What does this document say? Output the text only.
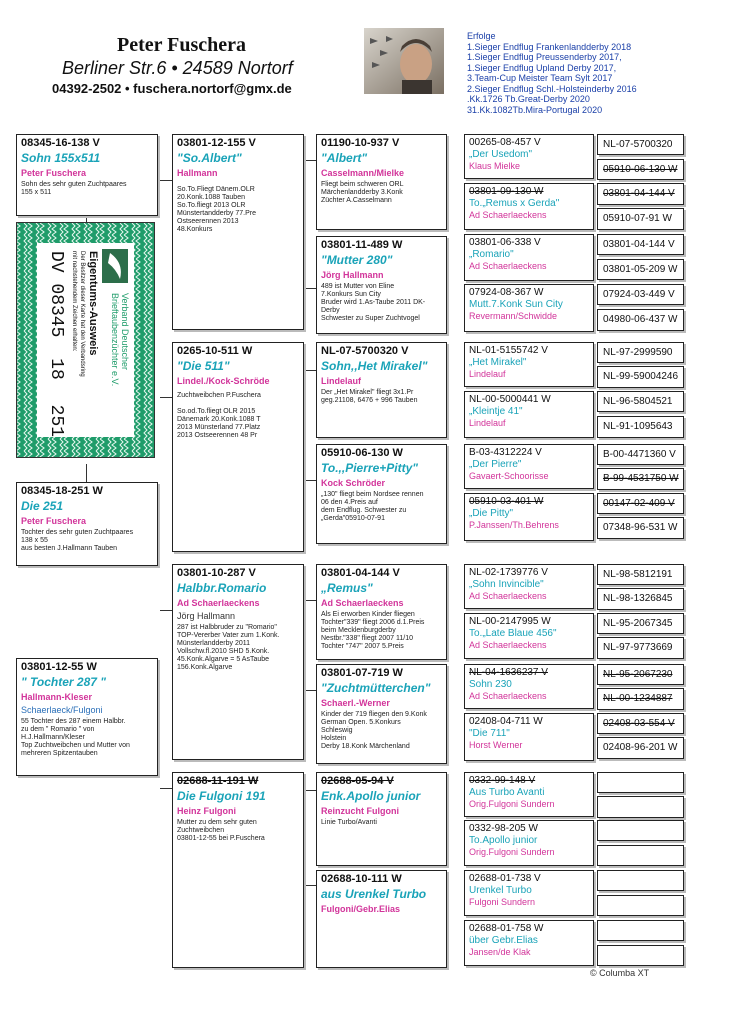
Peter Fuschera
Berliner Str.6 • 24589 Nortorf
04392-2502 • fuschera.nortorf@gmx.de
Erfolge
1.Sieger Endflug Frankenlandderby 2018
1.Sieger Endflug Preussenderby 2017,
1.Sieger Endflug Upland Derby 2017,
3.Team-Cup Meister Team Sylt 2017
2.Sieger Endflug Schl.-Holsteinderby 2016
.Kk.1726 Tb.Great-Derby 2020
31.Kk.1082Tb.Mira-Portugal 2020
08345-16-138 V
Sohn 155x511
Peter Fuschera
Sohn des sehr guten Zuchtpaares
155 x 511
Verband Deutscher
Brieftaubenzüchter e.V.
Eigentums-Ausweis
Der Besitzer dieser Karte hat den Verbandsring
mit nachstehendem Zeichen erhalten:
DV 08345 18 251
08345-18-251 W
Die 251
Peter Fuschera
Tochter des sehr guten Zuchtpaares
138 x 55
aus besten J.Hallmann Tauben
03801-12-55 W
" Tochter 287 "
Hallmann-Kleser
Schaerlaeck/Fulgoni
55 Tochter des 287 einem Halbbr.
zu dem " Romario " von
H.J.Hallmann/Kleser
Top Zuchtweibchen und Mutter von
mehreren Spitzentauben
03801-12-155 V
"So.Albert"
Hallmann
So.To.Fliegt Dänem.OLR
20.Konk.1088 Tauben
So.To.fliegt 2013 OLR
Münstertandderby 77.Pre
Ostseerennen 2013
48.Konkurs
0265-10-511 W
"Die 511"
Lindel./Kock-Schröde
Zuchtweibchen P.Fuschera

So.od.To.fliegt OLR 2015
Dänemark 20.Konk.1088 T
2013 Münsterland 77.Platz
2013 Ostseerennen 48 Pr
03801-10-287 V
Halbbr.Romario
Ad Schaerlaeckens
Jörg Hallmann
287 ist Halbbruder zu "Romario"
TOP-Vererber Vater zum 1.Konk.
Münsterlandderby 2011
Vollschw.fl.2010 SHD 5.Konk.
45.Konk.Algarve = 5 AsTaube
156.Konk.Algarve
02688-11-191 W
Die Fulgoni 191
Heinz Fulgoni
Mutter zu dem sehr guten
Zuchtweibchen
03801-12-55 bei P.Fuschera
01190-10-937 V
"Albert"
Casselmann/Mielke
Fliegt beim schweren ORL
Märchenlandderby 3.Konk
Züchter A.Casselmann
03801-11-489 W
"Mutter 280"
Jörg Hallmann
489 ist Mutter von Eline
7.Konkurs Sun City
Bruder wird 1.As-Taube 2011 DK-
Derby
Schwester zu Super Zuchtvogel
NL-07-5700320 V
Sohn,,Het Mirakel"
Lindelauf
Der „Het Mirakel" fliegt 3x1.Pr
geg.21108, 6476 + 996 Tauben
05910-06-130 W
To.,,Pierre+Pitty"
Kock Schröder
„130" fliegt beim Nordsee rennen
06 den 4.Preis auf
dem Endflug. Schwester zu
„Gerda"05910-07-91
03801-04-144 V
„Remus"
Ad Schaerlaeckens
Als Ei erworben Kinder fliegen
Tochter"339" fliegt 2006 d.1.Preis
beim Mecklenburgderby
Nestbr."338" fliegt 2007 11/10
Tochter "747" 2007 5.Preis
03801-07-719 W
"Zuchtmütterchen"
Schaerl.-Werner
Kinder der 719 fliegen den 9.Konk
German Open. 5.Konkurs
Schleswig
Holstein
Derby 18.Konk Märchenland
02688-05-94 V
Enk.Apollo junior
Reinzucht Fulgoni
Linie Turbo/Avanti
02688-10-111 W
aus Urenkel Turbo
Fulgoni/Gebr.Elias
00265-08-457 V
„Der Usedom"
Klaus Mielke
03801-09-130 W
To.„Remus x Gerda"
Ad Schaerlaeckens
03801-06-338 V
„Romario"
Ad Schaerlaeckens
07924-08-367 W
Mutt.7.Konk Sun City
Revermann/Schwidde
NL-01-5155742 V
„Het Mirakel"
Lindelauf
NL-00-5000441 W
„Kleintje 41"
Lindelauf
B-03-4312224 V
„Der Pierre"
Gavaert-Schoorisse
05910-03-401 W
„Die Pitty"
P.Janssen/Th.Behrens
NL-02-1739776 V
„Sohn Invincible"
Ad Schaerlaeckens
NL-00-2147995 W
To.„Late Blaue 456"
Ad Schaerlaeckens
NL-04-1636237 V
Sohn 230
Ad Schaerlaeckens
02408-04-711 W
"Die 711"
Horst Werner
0332-99-148 V
Aus Turbo Avanti
Orig.Fulgoni Sundern
0332-98-205 W
To.Apollo junior
Orig.Fulgoni Sundern
02688-01-738 V
Urenkel Turbo
Fulgoni Sundern
02688-01-758 W
über Gebr.Elias
Jansen/de Klak
NL-07-5700320
05910-06-130 W
03801-04-144 V
05910-07-91 W
03801-04-144 V
03801-05-209 W
07924-03-449 V
04980-06-437 W
NL-97-2999590
NL-99-59004246
NL-96-5804521
NL-91-1095643
B-00-4471360 V
B-99-4531750 W
00147-02-409 V
07348-96-531 W
NL-98-5812191
NL-98-1326845
NL-95-2067345
NL-97-9773669
NL-95-2067230
NL-00-1234887
02408-03-554 V
02408-96-201 W
© Columba XT
